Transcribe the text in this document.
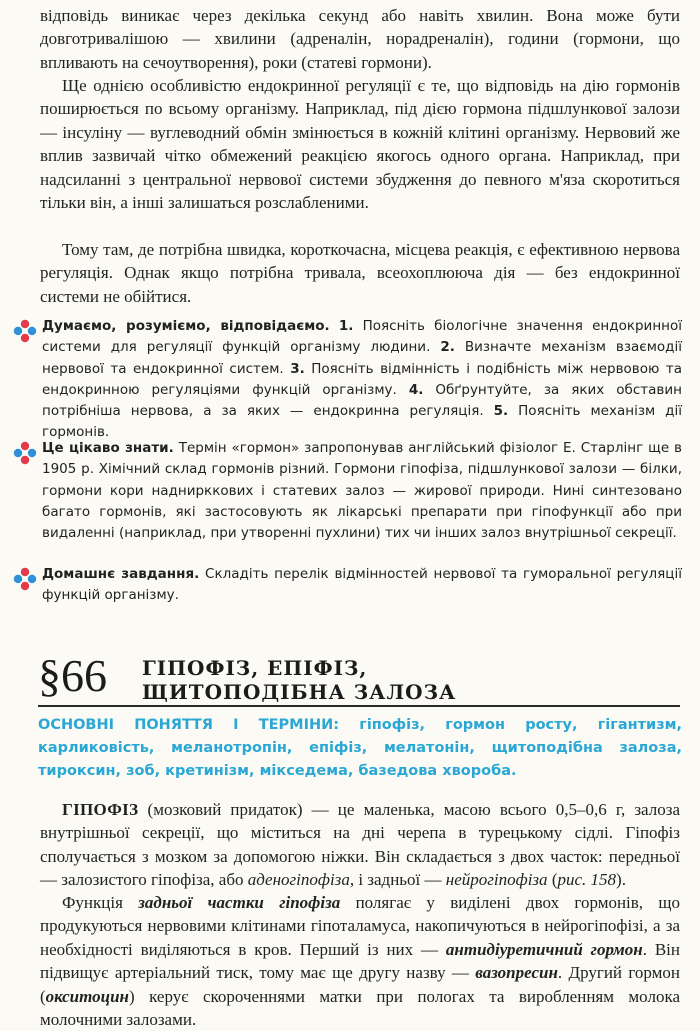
відповідь виникає через декілька секунд або навіть хвилин. Вона може бути довготривалішою — хвилини (адреналін, норадреналін), години (гормони, що впливають на сечоутворення), роки (статеві гормони).

Ще однією особливістю ендокринної регуляції є те, що відповідь на дію гормонів поширюється по всьому організму. Наприклад, під дією гормона підшлункової залози — інсуліну — вуглеводний обмін змінюється в кожній клітині організму. Нервовий же вплив зазвичай чітко обмежений реакцією якогось одного органа. Наприклад, при надсиланні з центральної нервової системи збудження до певного м'яза скоротиться тільки він, а інші залишаться розслабленими.

Тому там, де потрібна швидка, короткочасна, місцева реакція, є ефективною нервова регуляція. Однак якщо потрібна тривала, всеохоплююча дія — без ендокринної системи не обійтися.

Думаємо, розуміємо, відповідаємо. 1. Поясніть біологічне значення ендокринної системи для регуляції функцій організму людини. 2. Визначте механізм взаємодії нервової та ендокринної систем. 3. Поясніть відмінність і подібність між нервовою та ендокринною регуляціями функцій організму. 4. Обґрунтуйте, за яких обставин потрібніша нервова, а за яких — ендокринна регуляція. 5. Поясніть механізм дії гормонів.

Це цікаво знати. Термін «гормон» запропонував англійський фізіолог Е. Старлінг ще в 1905 р. Хімічний склад гормонів різний. Гормони гіпофіза, підшлункової залози — білки, гормони кори наднирккових і статевих залоз — жирової природи. Нині синтезовано багато гормонів, які застосовують як лікарські препарати при гіпофункції або при видаленні (наприклад, при утворенні пухлини) тих чи інших залоз внутрішньої секреції.

Домашнє завдання. Складіть перелік відмінностей нервової та гуморальної регуляції функцій організму.

§66 ГІПОФІЗ, ЕПІФІЗ,
ЩИТОПОДІБНА ЗАЛОЗА

ОСНОВНІ ПОНЯТТЯ І ТЕРМІНИ: гіпофіз, гормон росту, гігантизм, карликовість, меланотропін, епіфіз, мелатонін, щитоподібна залоза, тироксин, зоб, кретинізм, мікседема, базедова хвороба.

ГІПОФІЗ (мозковий придаток) — це маленька, масою всього 0,5–0,6 г, залоза внутрішньої секреції, що міститься на дні черепа в турецькому сідлі. Гіпофіз сполучається з мозком за допомогою ніжки. Він складається з двох часток: передньої — залозистого гіпофіза, або аденогіпофіза, і задньої — нейрогіпофіза (рис. 158).

Функція задньої частки гіпофіза полягає у виділені двох гормонів, що продукуються нервовими клітинами гіпоталамуса, накопичуються в нейрогіпофізі, а за необхідності виділяються в кров. Перший із них — антидіуретичний гормон. Він підвищує артеріальний тиск, тому має ще другу назву — вазопресин. Другий гормон (окситоцин) керує скороченнями матки при пологах та виробленням молока молочними залозами.
